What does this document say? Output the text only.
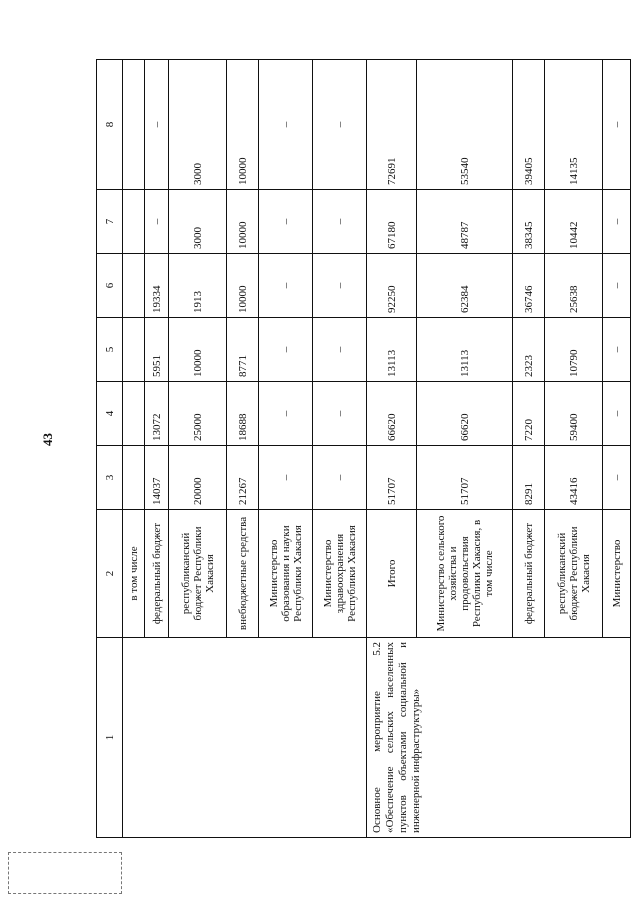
43
1	2	3	4	5	6	7	8
	в том числе						
	федеральный бюджет	14037	13072	5951	19334	–	–
	республиканский бюджет Республики Хакасия	20000	25000	10000	1913	3000	3000
	внебюджетные средства	21267	18688	8771	10000	10000	10000
	Министерство образования и науки Республики Хакасия	–	–	–	–	–	–
	Министерство здравоохранения Республики Хакасия	–	–	–	–	–	–
Основное мероприятие 5.2 «Обеспечение сельских населенных пунктов объектами социальной и инженерной инфраструктуры»	Итого	51707	66620	13113	92250	67180	72691
	Министерство сельского хозяйства и продовольствия Республики Хакасия, в том числе	51707	66620	13113	62384	48787	53540
	федеральный бюджет	8291	7220	2323	36746	38345	39405
	республиканский бюджет Республики Хакасия	43416	59400	10790	25638	10442	14135
	Министерство	–	–	–	–	–	–
